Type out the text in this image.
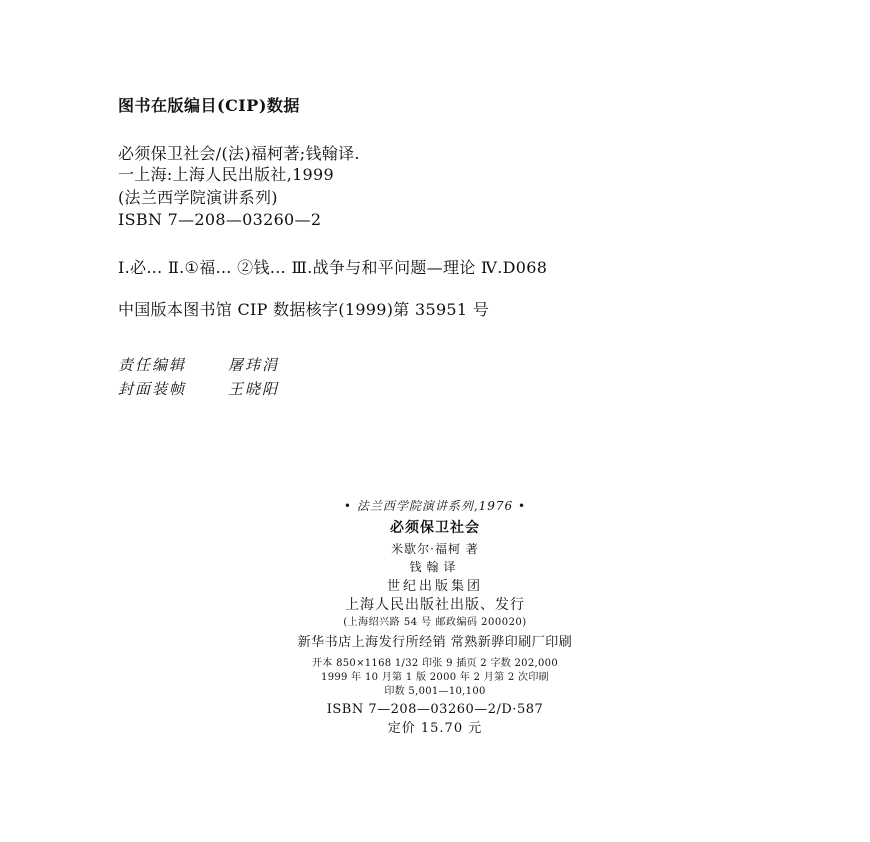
图书在版编目(CIP)数据
必须保卫社会/(法)福柯著;钱翰译.
一上海:上海人民出版社,1999
(法兰西学院演讲系列)
ISBN 7—208—03260—2
Ⅰ.必… Ⅱ.①福… ②钱… Ⅲ.战争与和平问题—理论 Ⅳ.D068
中国版本图书馆 CIP 数据核字(1999)第 35951 号
责任编辑	屠玮涓
封面装帧	王晓阳
• 法兰西学院演讲系列,1976 •
必须保卫社会
米歇尔·福柯 著
钱翰译
世纪出版集团
上海人民出版社出版、发行
(上海绍兴路 54 号 邮政编码 200020)
新华书店上海发行所经销 常熟新骅印刷厂印刷
开本 850×1168 1/32 印张 9 插页 2 字数 202,000
1999 年 10 月第 1 版 2000 年 2 月第 2 次印刷
印数 5,001—10,100
ISBN 7—208—03260—2/D·587
定价 15.70 元
